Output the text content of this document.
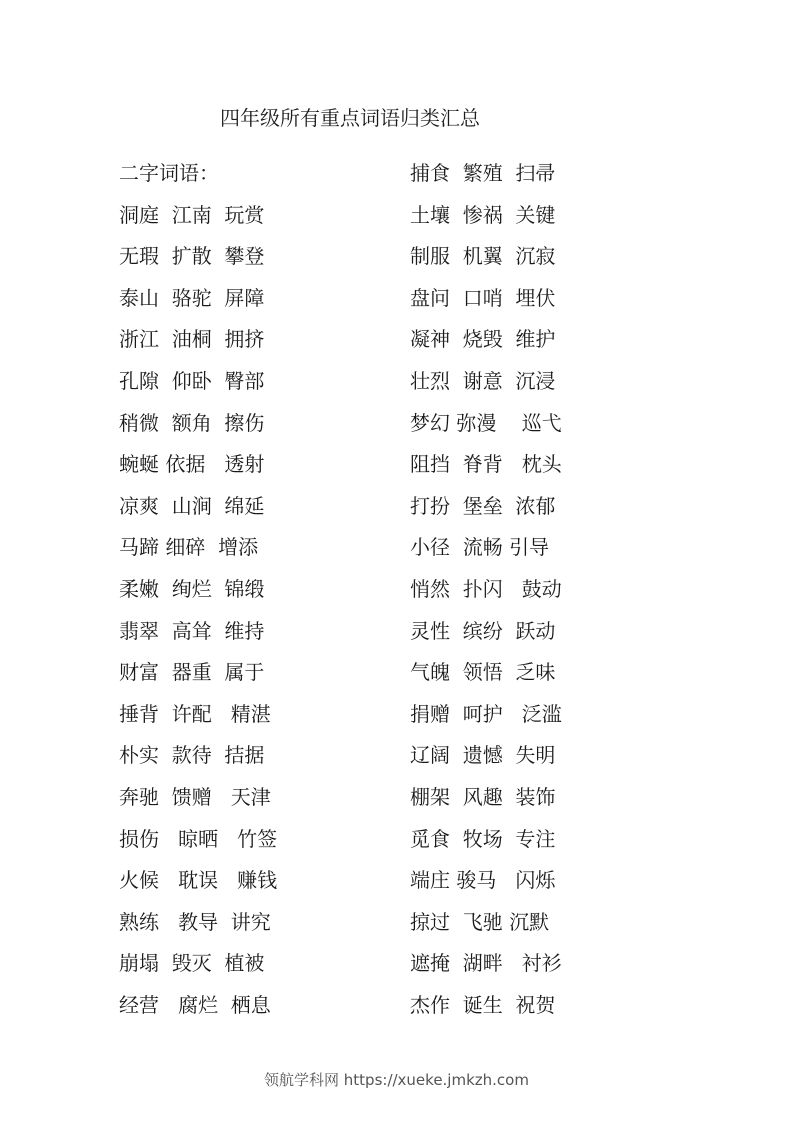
四年级所有重点词语归类汇总
二字词语：
洞庭  江南  玩赏
无瑕  扩散  攀登
泰山  骆驼  屏障
浙江  油桐  拥挤
孔隙  仰卧  臀部
稍微  额角  擦伤
蜿蜒 依据   透射
凉爽  山涧  绵延
马蹄 细碎  增添
柔嫩  绚烂  锦缎
翡翠  高耸  维持
财富  器重  属于
捶背  许配   精湛
朴实  款待  拮据
奔驰  馈赠   天津
损伤   晾晒   竹签
火候   耽误   赚钱
熟练   教导  讲究
崩塌  毁灭  植被
经营   腐烂  栖息
捕食  繁殖  扫帚
土壤  惨祸  关键
制服  机翼  沉寂
盘问  口哨  埋伏
凝神  烧毁  维护
壮烈  谢意  沉浸
梦幻 弥漫    巡弋
阻挡  脊背   枕头
打扮  堡垒  浓郁
小径  流畅 引导
悄然  扑闪   鼓动
灵性  缤纷  跃动
气魄  领悟  乏味
捐赠  呵护   泛滥
辽阔  遗憾  失明
棚架  风趣  装饰
觅食  牧场  专注
端庄 骏马   闪烁
掠过  飞驰 沉默
遮掩  湖畔   衬衫
杰作  诞生  祝贺
领航学科网 https://xueke.jmkzh.com
